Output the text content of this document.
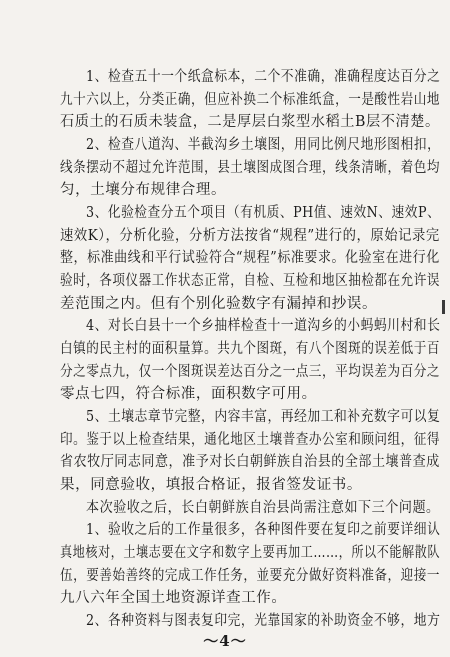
1、检查五十一个纸盒标本，二个不准确，准确程度达百分之
九十六以上，分类正确，但应补换二个标准纸盒，一是酸性岩山地
石质土的石质未装盒，二是厚层白浆型水稻土B层不清楚。
2、检查八道沟、半截沟乡土壤图，用同比例尺地形图相扣，
线条摆动不超过允许范围，县土壤图成图合理，线条清晰，着色均
匀，土壤分布规律合理。
3、化验检查分五个项目（有机质、PH值、速效N、速效P、
速效K），分析化验，分析方法按省“规程”进行的，原始记录完
整，标准曲线和平行试验符合“规程”标准要求。化验室在进行化
验时，各项仪器工作状态正常，自检、互检和地区抽检都在允许误
差范围之内。但有个别化验数字有漏掉和抄误。
4、对长白县十一个乡抽样检查十一道沟乡的小蚂蚂川村和长
白镇的民主村的面积量算。共九个图斑，有八个图斑的误差低于百
分之零点九，仅一个图斑误差达百分之一点三，平均误差为百分之
零点七四，符合标准，面积数字可用。
5、土壤志章节完整，内容丰富，再经加工和补充数字可以复
印。鉴于以上检查结果，通化地区土壤普查办公室和顾问组，征得
省农牧厅同志同意，准予对长白朝鲜族自治县的全部土壤普查成
果，同意验收，填报合格证，报省签发证书。
本次验收之后，长白朝鲜族自治县尚需注意如下三个问题。
1、验收之后的工作量很多，各种图件要在复印之前要详细认
真地核对，土壤志要在文字和数字上要再加工……，所以不能解散队
伍，要善始善终的完成工作任务，並要充分做好资料准备，迎接一
九八六年全国土地资源详查工作。
2、各种资料与图表复印完，光靠国家的补助资金不够，地方
～4～
